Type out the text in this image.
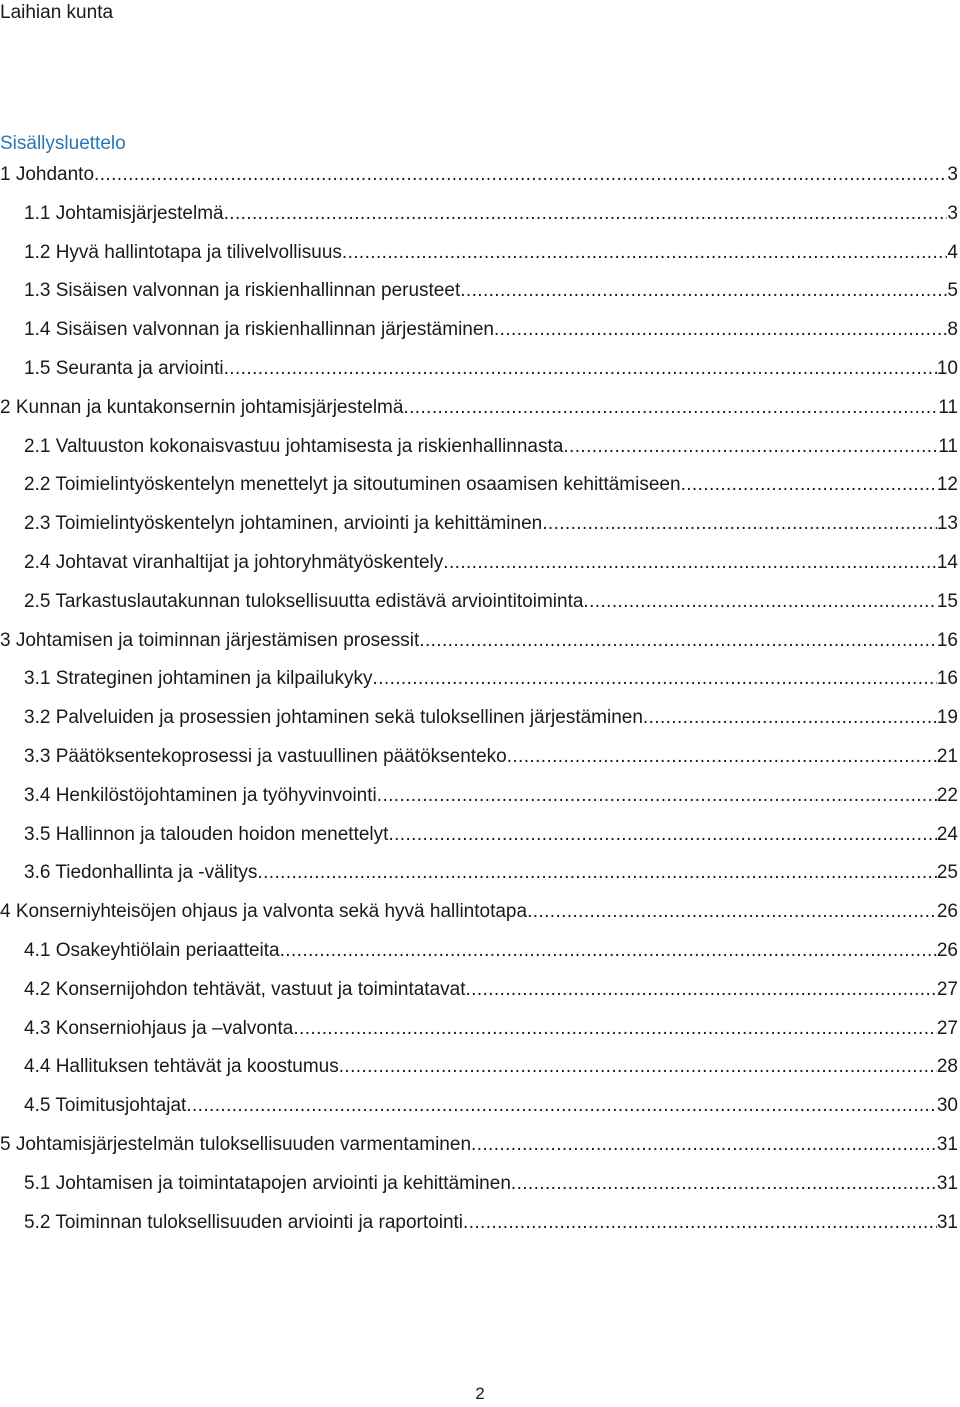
Laihian kunta
Sisällysluettelo
1 Johdanto .....	3
1.1 Johtamisjärjestelmä .....	3
1.2 Hyvä hallintotapa ja tilivelvollisuus .....	4
1.3 Sisäisen valvonnan ja riskienhallinnan perusteet .....	5
1.4 Sisäisen valvonnan ja riskienhallinnan järjestäminen .....	8
1.5 Seuranta ja arviointi .....	10
2 Kunnan ja kuntakonsernin johtamisjärjestelmä .....	11
2.1 Valtuuston kokonaisvastuu johtamisesta ja riskienhallinnasta .....	11
2.2 Toimielintyöskentelyn menettelyt ja sitoutuminen osaamisen kehittämiseen .....	12
2.3 Toimielintyöskentelyn johtaminen, arviointi ja kehittäminen .....	13
2.4 Johtavat viranhaltijat ja johtoryhmätyöskentely .....	14
2.5 Tarkastuslautakunnan tuloksellisuutta edistävä arviointitoiminta .....	15
3 Johtamisen ja toiminnan järjestämisen prosessit .....	16
3.1 Strateginen johtaminen ja kilpailukyky .....	16
3.2 Palveluiden ja prosessien johtaminen sekä tuloksellinen järjestäminen .....	19
3.3 Päätöksentekoprosessi ja vastuullinen päätöksenteko .....	21
3.4 Henkilöstöjohtaminen ja työhyvinvointi .....	22
3.5 Hallinnon ja talouden hoidon menettelyt .....	24
3.6 Tiedonhallinta ja -välitys .....	25
4 Konserniyhteisöjen ohjaus ja valvonta sekä hyvä hallintotapa .....	26
4.1 Osakeyhtiölain periaatteita .....	26
4.2 Konsernijohdon tehtävät, vastuut ja toimintatavat .....	27
4.3 Konserniohjaus ja –valvonta .....	27
4.4 Hallituksen tehtävät ja koostumus .....	28
4.5 Toimitusjohtajat .....	30
5 Johtamisjärjestelmän tuloksellisuuden varmentaminen .....	31
5.1 Johtamisen ja toimintatapojen arviointi ja kehittäminen .....	31
5.2 Toiminnan tuloksellisuuden arviointi ja raportointi .....	31
2
